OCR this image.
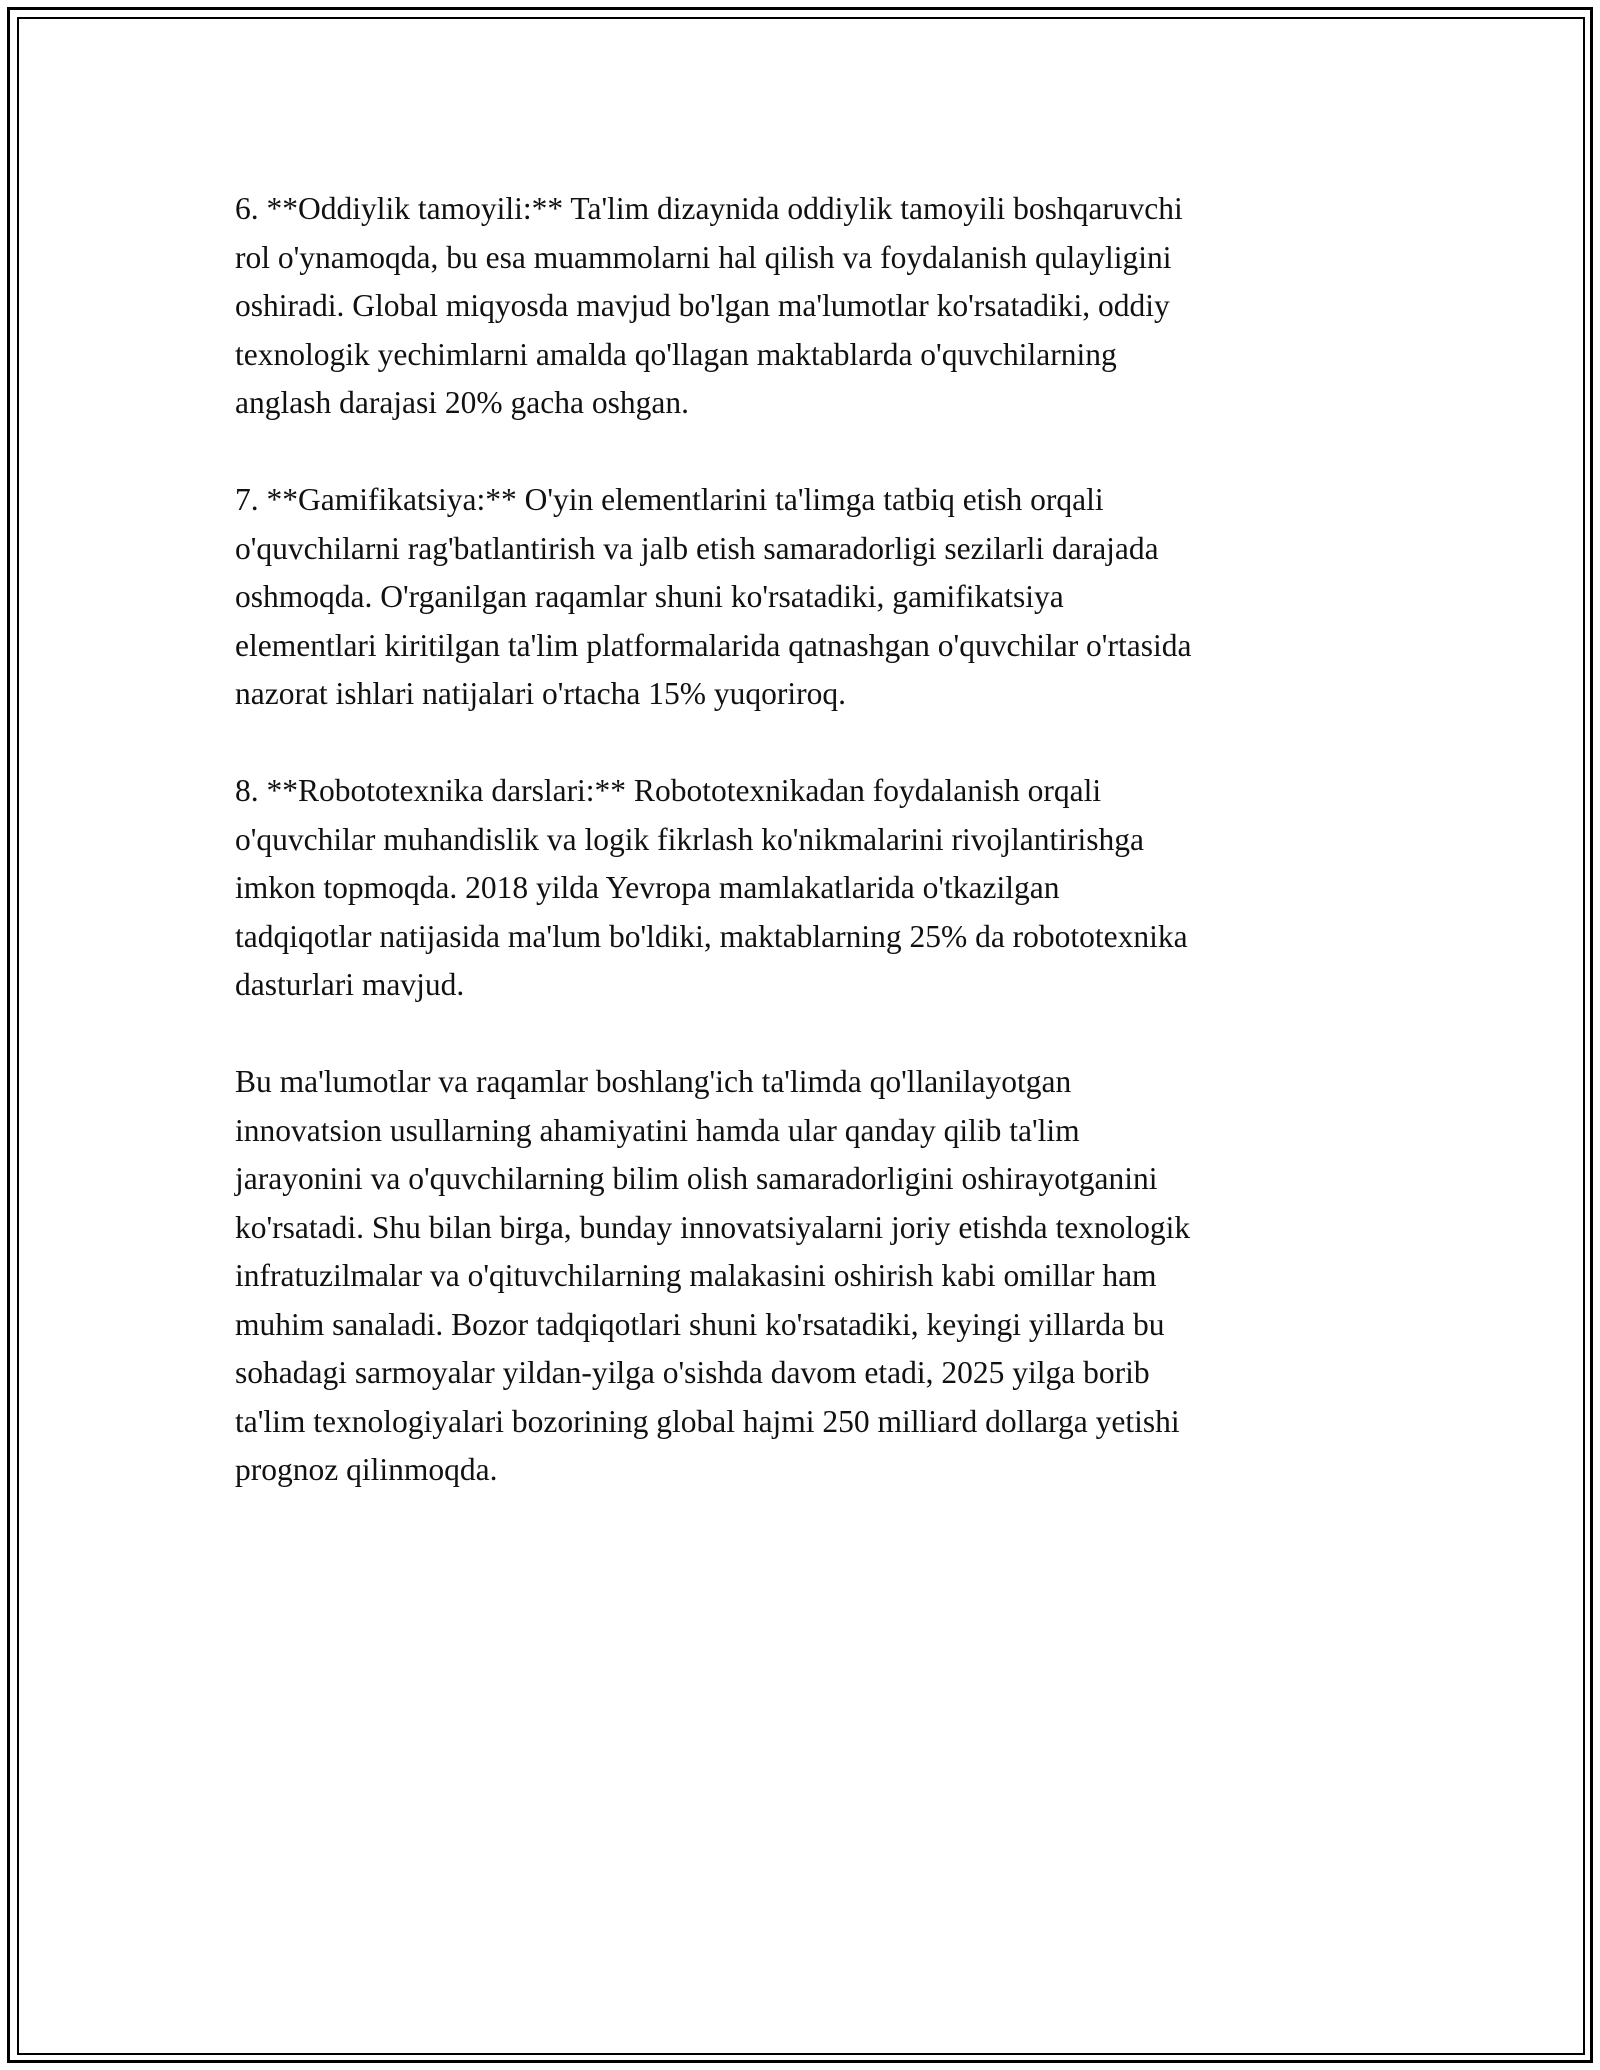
6. **Oddiylik tamoyili:** Ta'lim dizaynida oddiylik tamoyili boshqaruvchi
rol o'ynamoqda, bu esa muammolarni hal qilish va foydalanish qulayligini
oshiradi. Global miqyosda mavjud bo'lgan ma'lumotlar ko'rsatadiki, oddiy
texnologik yechimlarni amalda qo'llagan maktablarda o'quvchilarning
anglash darajasi 20% gacha oshgan.

7. **Gamifikatsiya:** O'yin elementlarini ta'limga tatbiq etish orqali
o'quvchilarni rag'batlantirish va jalb etish samaradorligi sezilarli darajada
oshmoqda. O'rganilgan raqamlar shuni ko'rsatadiki, gamifikatsiya
elementlari kiritilgan ta'lim platformalarida qatnashgan o'quvchilar o'rtasida
nazorat ishlari natijalari o'rtacha 15% yuqoriroq.

8. **Robototexnika darslari:** Robototexnikadan foydalanish orqali
o'quvchilar muhandislik va logik fikrlash ko'nikmalarini rivojlantirishga
imkon topmoqda. 2018 yilda Yevropa mamlakatlarida o'tkazilgan
tadqiqotlar natijasida ma'lum bo'ldiki, maktablarning 25% da robototexnika
dasturlari mavjud.

Bu ma'lumotlar va raqamlar boshlang'ich ta'limda qo'llanilayotgan
innovatsion usullarning ahamiyatini hamda ular qanday qilib ta'lim
jarayonini va o'quvchilarning bilim olish samaradorligini oshirayotganini
ko'rsatadi. Shu bilan birga, bunday innovatsiyalarni joriy etishda texnologik
infratuzilmalar va o'qituvchilarning malakasini oshirish kabi omillar ham
muhim sanaladi. Bozor tadqiqotlari shuni ko'rsatadiki, keyingi yillarda bu
sohadagi sarmoyalar yildan-yilga o'sishda davom etadi, 2025 yilga borib
ta'lim texnologiyalari bozorining global hajmi 250 milliard dollarga yetishi
prognoz qilinmoqda.
